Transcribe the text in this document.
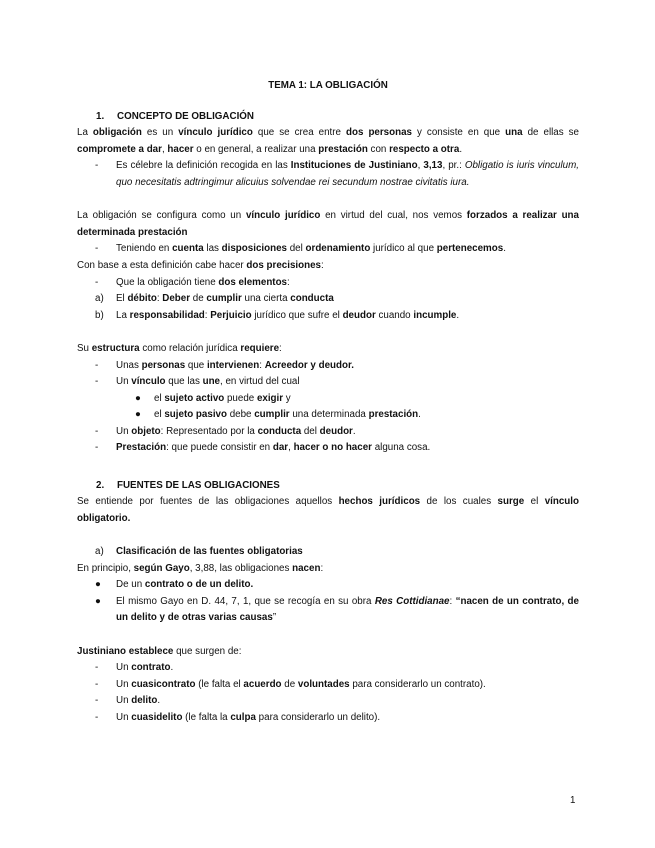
TEMA 1: LA OBLIGACIÓN
1. CONCEPTO DE OBLIGACIÓN
La obligación es un vínculo jurídico que se crea entre dos personas y consiste en que una de ellas se compromete a dar, hacer o en general, a realizar una prestación con respecto a otra.
- Es célebre la definición recogida en las Instituciones de Justiniano, 3,13, pr.: Obligatio is iuris vinculum, quo necesitatis adtringimur alicuius solvendae rei secundum nostrae civitatis iura.
La obligación se configura como un vínculo jurídico en virtud del cual, nos vemos forzados a realizar una determinada prestación
- Teniendo en cuenta las disposiciones del ordenamiento jurídico al que pertenecemos.
Con base a esta definición cabe hacer dos precisiones:
- Que la obligación tiene dos elementos:
a) El débito: Deber de cumplir una cierta conducta
b) La responsabilidad: Perjuicio jurídico que sufre el deudor cuando incumple.
Su estructura como relación jurídica requiere:
- Unas personas que intervienen: Acreedor y deudor.
- Un vínculo que las une, en virtud del cual
● el sujeto activo puede exigir y
● el sujeto pasivo debe cumplir una determinada prestación.
- Un objeto: Representado por la conducta del deudor.
- Prestación: que puede consistir en dar, hacer o no hacer alguna cosa.
2. FUENTES DE LAS OBLIGACIONES
Se entiende por fuentes de las obligaciones aquellos hechos jurídicos de los cuales surge el vínculo obligatorio.
a) Clasificación de las fuentes obligatorias
En principio, según Gayo, 3,88, las obligaciones nacen:
● De un contrato o de un delito.
● El mismo Gayo en D. 44, 7, 1, que se recogía en su obra Res Cottidianae: “nacen de un contrato, de un delito y de otras varias causas”
Justiniano establece que surgen de:
- Un contrato.
- Un cuasicontrato (le falta el acuerdo de voluntades para considerarlo un contrato).
- Un delito.
- Un cuasidelito (le falta la culpa para considerarlo un delito).
1
